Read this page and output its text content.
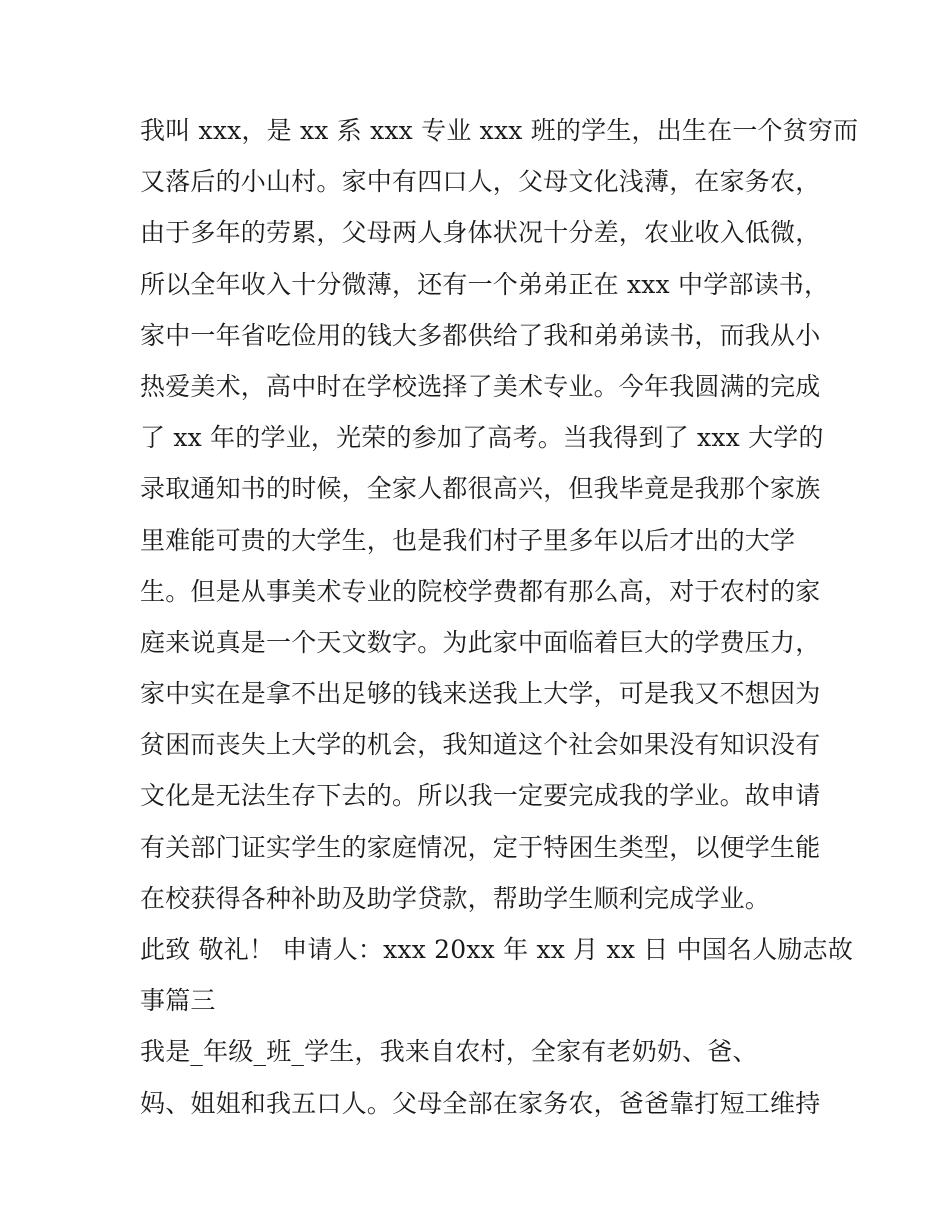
我叫 xxx，是 xx 系 xxx 专业 xxx 班的学生，出生在一个贫穷而
又落后的小山村。家中有四口人，父母文化浅薄，在家务农，
由于多年的劳累，父母两人身体状况十分差，农业收入低微，
所以全年收入十分微薄，还有一个弟弟正在 xxx 中学部读书，
家中一年省吃俭用的钱大多都供给了我和弟弟读书，而我从小
热爱美术，高中时在学校选择了美术专业。今年我圆满的完成
了 xx 年的学业，光荣的参加了高考。当我得到了 xxx 大学的
录取通知书的时候，全家人都很高兴，但我毕竟是我那个家族
里难能可贵的大学生，也是我们村子里多年以后才出的大学
生。但是从事美术专业的院校学费都有那么高，对于农村的家
庭来说真是一个天文数字。为此家中面临着巨大的学费压力，
家中实在是拿不出足够的钱来送我上大学，可是我又不想因为
贫困而丧失上大学的机会，我知道这个社会如果没有知识没有
文化是无法生存下去的。所以我一定要完成我的学业。故申请
有关部门证实学生的家庭情况，定于特困生类型，以便学生能
在校获得各种补助及助学贷款，帮助学生顺利完成学业。
此致 敬礼！ 申请人：xxx 20xx 年 xx 月 xx 日 中国名人励志故
事篇三
我是_年级_班_学生，我来自农村，全家有老奶奶、爸、
妈、姐姐和我五口人。父母全部在家务农，爸爸靠打短工维持
